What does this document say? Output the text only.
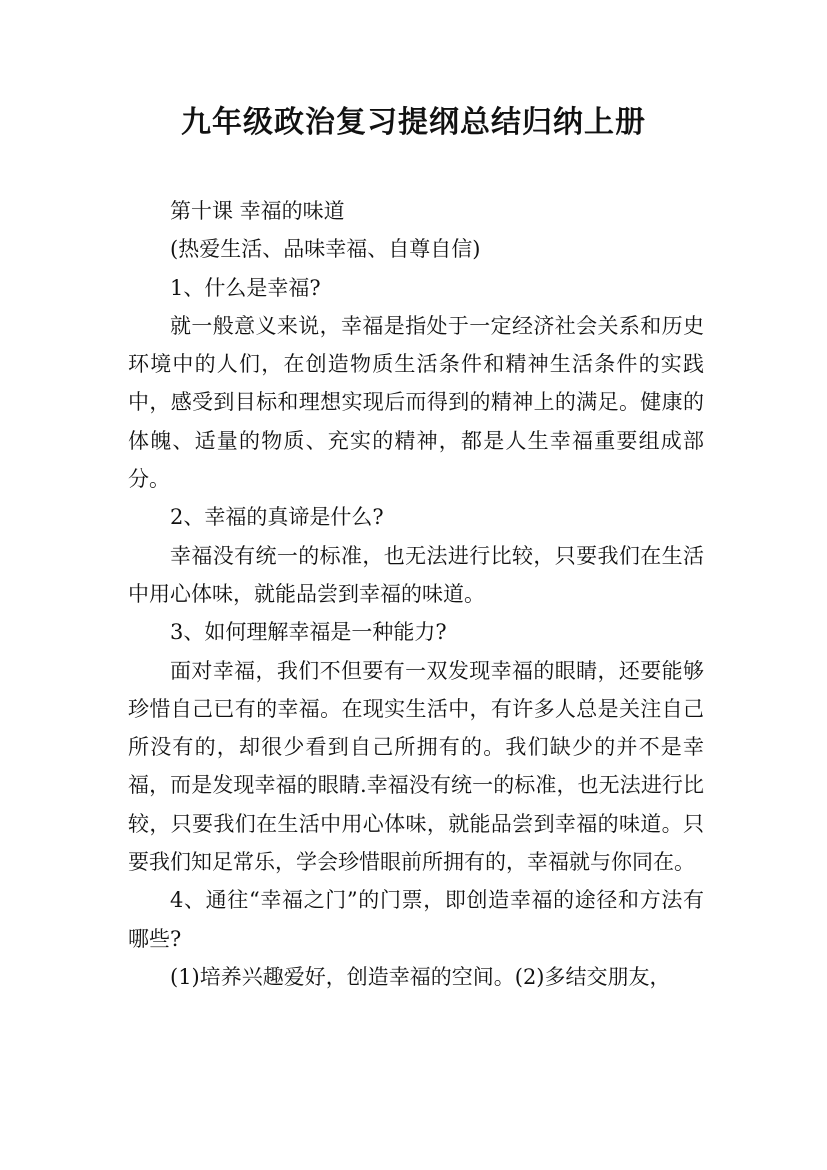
九年级政治复习提纲总结归纳上册

第十课 幸福的味道

(热爱生活、品味幸福、自尊自信)

1、什么是幸福?

就一般意义来说，幸福是指处于一定经济社会关系和历史环境中的人们，在创造物质生活条件和精神生活条件的实践中，感受到目标和理想实现后而得到的精神上的满足。健康的体魄、适量的物质、充实的精神，都是人生幸福重要组成部分。

2、幸福的真谛是什么?

幸福没有统一的标准，也无法进行比较，只要我们在生活中用心体味，就能品尝到幸福的味道。

3、如何理解幸福是一种能力?

面对幸福，我们不但要有一双发现幸福的眼睛，还要能够珍惜自己已有的幸福。在现实生活中，有许多人总是关注自己所没有的，却很少看到自己所拥有的。我们缺少的并不是幸福，而是发现幸福的眼睛.幸福没有统一的标准，也无法进行比较，只要我们在生活中用心体味，就能品尝到幸福的味道。只要我们知足常乐，学会珍惜眼前所拥有的，幸福就与你同在。

4、通往“幸福之门”的门票，即创造幸福的途径和方法有哪些?

(1)培养兴趣爱好，创造幸福的空间。(2)多结交朋友，
